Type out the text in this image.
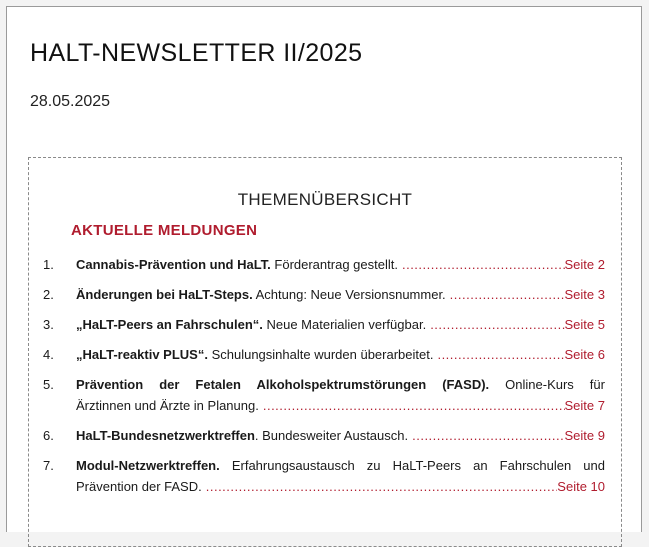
HALT-NEWSLETTER II/2025
28.05.2025
THEMENÜBERSICHT
AKTUELLE MELDUNGEN
1.	Cannabis-Prävention und HaLT. Förderantrag gestellt. .....	Seite 2
2.	Änderungen bei HaLT-Steps. Achtung: Neue Versionsnummer. .....	Seite 3
3.	„HaLT-Peers an Fahrschulen“. Neue Materialien verfügbar. .....	Seite 5
4.	„HaLT-reaktiv PLUS“. Schulungsinhalte wurden überarbeitet. .....	Seite 6
5.	Prävention der Fetalen Alkoholspektrumstörungen (FASD). Online-Kurs für
Ärztinnen und Ärzte in Planung. .....	Seite 7
6.	HaLT-Bundesnetzwerktreffen. Bundesweiter Austausch. .....	Seite 9
7.	Modul-Netzwerktreffen. Erfahrungsaustausch zu HaLT-Peers an Fahrschulen und
Prävention der FASD. .....	Seite 10
